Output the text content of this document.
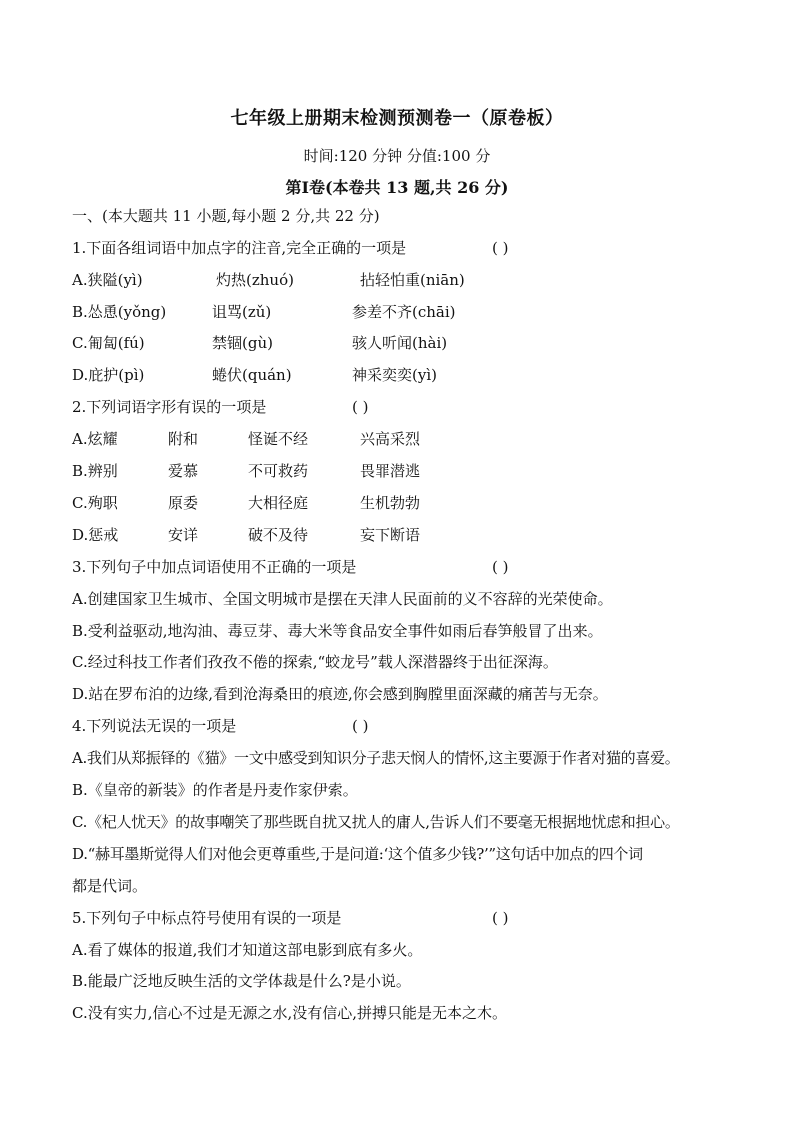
七年级上册期末检测预测卷一（原卷板）
时间:120 分钟 分值:100 分
第Ⅰ卷(本卷共 13 题,共 26 分)
一、(本大题共 11 小题,每小题 2 分,共 22 分)
1.下面各组词语中加点字的注音,完全正确的一项是	( )
A.狭隘(yì)	灼热(zhuó)	拈轻怕重(niān)
B.怂恿(yǒng)	诅骂(zǔ)	参差不齐(chāi)
C.匍匐(fú)	禁锢(gù)	骇人听闻(hài)
D.庇护(pì)	蜷伏(quán)	神采奕奕(yì)
2.下列词语字形有误的一项是	( )
A.炫耀	附和	怪诞不经	兴高采烈
B.辨别	爱慕	不可救药	畏罪潜逃
C.殉职	原委	大相径庭	生机勃勃
D.惩戒	安详	破不及待	妄下断语
3.下列句子中加点词语使用不正确的一项是	( )
A.创建国家卫生城市、全国文明城市是摆在天津人民面前的义不容辞的光荣使命。
B.受利益驱动,地沟油、毒豆芽、毒大米等食品安全事件如雨后春笋般冒了出来。
C.经过科技工作者们孜孜不倦的探索,“蛟龙号”载人深潜器终于出征深海。
D.站在罗布泊的边缘,看到沧海桑田的痕迹,你会感到胸膛里面深藏的痛苦与无奈。
4.下列说法无误的一项是	( )
A.我们从郑振铎的《猫》一文中感受到知识分子悲天悯人的情怀,这主要源于作者对猫的喜爱。
B.《皇帝的新装》的作者是丹麦作家伊索。
C.《杞人忧天》的故事嘲笑了那些既自扰又扰人的庸人,告诉人们不要毫无根据地忧虑和担心。
D.“赫耳墨斯觉得人们对他会更尊重些,于是问道:‘这个值多少钱?’”这句话中加点的四个词
都是代词。
5.下列句子中标点符号使用有误的一项是	( )
A.看了媒体的报道,我们才知道这部电影到底有多火。
B.能最广泛地反映生活的文学体裁是什么?是小说。
C.没有实力,信心不过是无源之水,没有信心,拼搏只能是无本之木。
